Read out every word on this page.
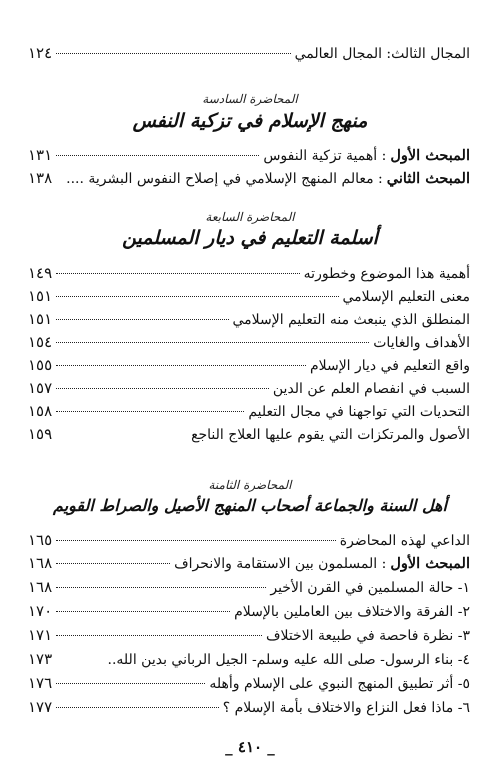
المجال الثالث: المجال العالمي
١٢٤
المحاضرة السادسة
منهج الإسلام في تزكية النفس
المبحث الأول
: أهمية تزكية النفوس
١٣١
المبحث الثاني
: معالم المنهج الإسلامي في إصلاح النفوس البشرية ....
١٣٨
المحاضرة السابعة
أسلمة التعليم في ديار المسلمين
أهمية هذا الموضوع وخطورته
١٤٩
معنى التعليم الإسلامي
١٥١
المنطلق الذي ينبعث منه التعليم الإسلامي
١٥١
الأهداف والغايات
١٥٤
واقع التعليم في ديار الإسلام
١٥٥
السبب في انفصام العلم عن الدين
١٥٧
التحديات التي تواجهنا في مجال التعليم
١٥٨
الأصول والمرتكزات التي يقوم عليها العلاج الناجع
١٥٩
المحاضرة الثامنة
أهل السنة والجماعة أصحاب المنهج الأصيل والصراط القويم
الداعي لهذه المحاضرة
١٦٥
المبحث الأول
: المسلمون بين الاستقامة والانحراف
١٦٨
١- حالة المسلمين في القرن الأخير
١٦٨
٢- الفرقة والاختلاف بين العاملين بالإسلام
١٧٠
٣- نظرة فاحصة في طبيعة الاختلاف
١٧١
٤- بناء الرسول- صلى الله عليه وسلم- الجيل الرباني بدين الله..
١٧٣
٥- أثر تطبيق المنهج النبوي على الإسلام وأهله
١٧٦
٦- ماذا فعل النزاع والاختلاف بأمة الإسلام ؟
١٧٧
_ ٤١٠ _
